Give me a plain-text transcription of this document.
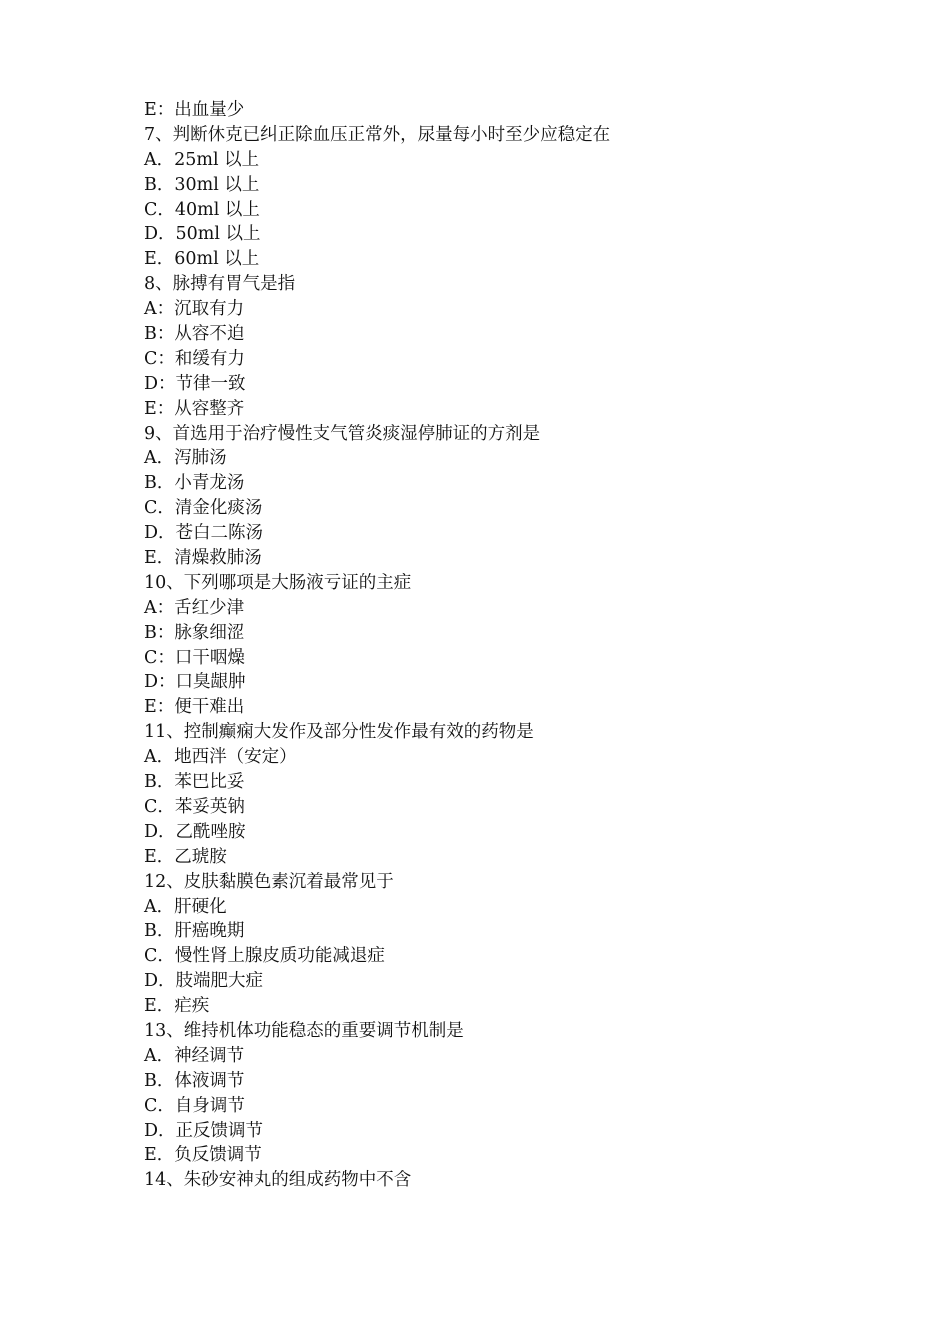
E：出血量少
7、判断休克已纠正除血压正常外，尿量每小时至少应稳定在
A．25ml 以上
B．30ml 以上
C．40ml 以上
D．50ml 以上
E．60ml 以上
8、脉搏有胃气是指
A：沉取有力
B：从容不迫
C：和缓有力
D：节律一致
E：从容整齐
9、首选用于治疗慢性支气管炎痰湿停肺证的方剂是
A．泻肺汤
B．小青龙汤
C．清金化痰汤
D．苍白二陈汤
E．清燥救肺汤
10、下列哪项是大肠液亏证的主症
A：舌红少津
B：脉象细涩
C：口干咽燥
D：口臭龈肿
E：便干难出
11、控制癫痫大发作及部分性发作最有效的药物是
A．地西泮（安定）
B．苯巴比妥
C．苯妥英钠
D．乙酰唑胺
E．乙琥胺
12、皮肤黏膜色素沉着最常见于
A．肝硬化
B．肝癌晚期
C．慢性肾上腺皮质功能减退症
D．肢端肥大症
E．疟疾
13、维持机体功能稳态的重要调节机制是
A．神经调节
B．体液调节
C．自身调节
D．正反馈调节
E．负反馈调节
14、朱砂安神丸的组成药物中不含
